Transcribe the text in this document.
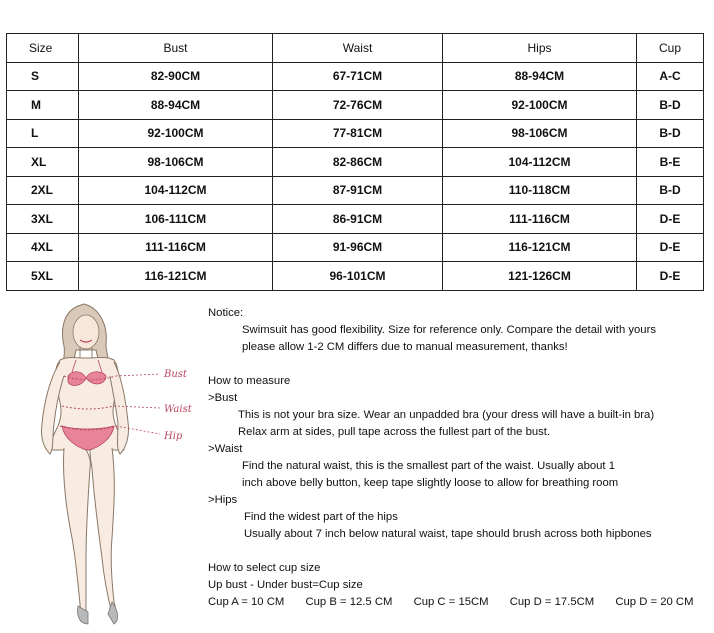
Size	Bust	Waist	Hips	Cup
S	82-90CM	67-71CM	88-94CM	A-C
M	88-94CM	72-76CM	92-100CM	B-D
L	92-100CM	77-81CM	98-106CM	B-D
XL	98-106CM	82-86CM	104-112CM	B-E
2XL	104-112CM	87-91CM	110-118CM	B-D
3XL	106-111CM	86-91CM	111-116CM	D-E
4XL	111-116CM	91-96CM	116-121CM	D-E
5XL	116-121CM	96-101CM	121-126CM	D-E
Bust
Waist
Hip
Notice:
Swimsuit has good flexibility. Size for reference only. Compare the detail with yours
please allow 1-2 CM differs due to manual measurement, thanks!
How to measure
>Bust
This is not your bra size. Wear an unpadded bra (your dress will have a built-in bra)
Relax arm at sides, pull tape across the fullest part of the bust.
>Waist
Find the natural waist, this is the smallest part of the waist. Usually about 1
inch above belly button, keep tape slightly loose to allow for breathing room
>Hips
Find the widest part of the hips
Usually about 7 inch below natural waist, tape should brush across both hipbones
How to select cup size
Up bust - Under bust=Cup size
Cup A = 10 CM Cup B = 12.5 CM Cup C = 15CM Cup D = 17.5CM Cup D = 20 CM
